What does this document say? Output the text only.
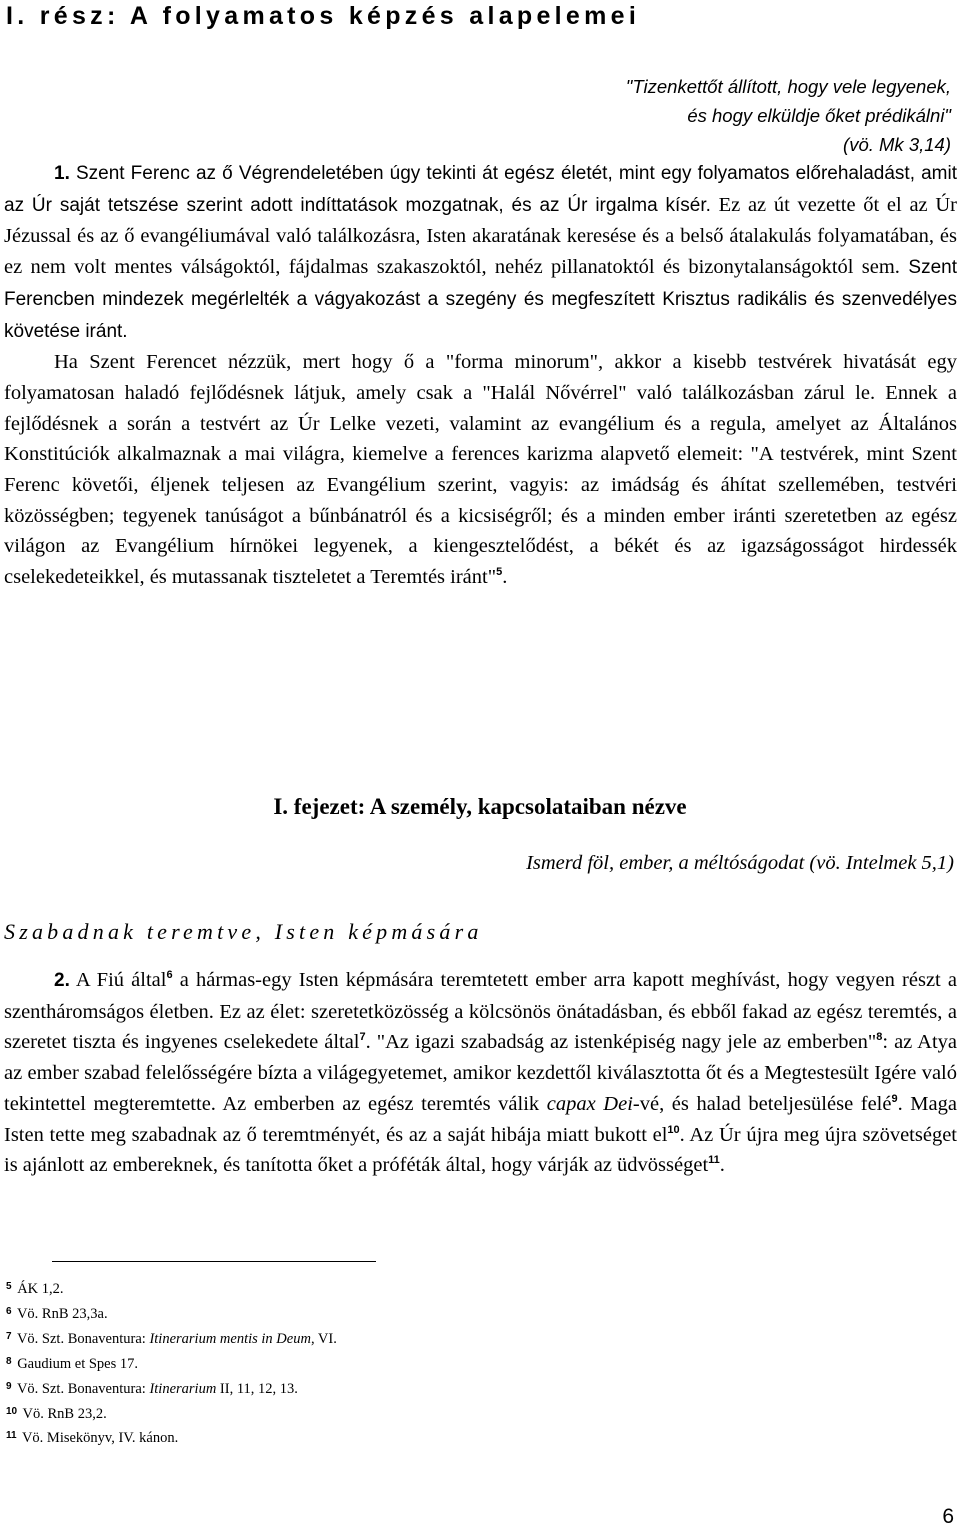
I. rész: A folyamatos képzés alapelemei
"Tizenkettőt állított, hogy vele legyenek,
és hogy elküldje őket prédikálni"
(vö. Mk 3,14)

1. Szent Ferenc az ő Végrendeletében úgy tekinti át egész életét, mint egy folyamatos előrehaladást, amit az Úr saját tetszése szerint adott indíttatások mozgatnak, és az Úr irgalma kísér. Ez az út vezette őt el az Úr Jézussal és az ő evangéliumával való találkozásra, Isten akaratának keresése és a belső átalakulás folyamatában, és ez nem volt mentes válságoktól, fájdalmas szakaszoktól, nehéz pillanatoktól és bizonytalanságoktól sem. Szent Ferencben mindezek megérlelték a vágyakozást a szegény és megfeszített Krisztus radikális és szenvedélyes követése iránt.

Ha Szent Ferencet nézzük, mert hogy ő a "forma minorum", akkor a kisebb testvérek hivatását egy folyamatosan haladó fejlődésnek látjuk, amely csak a "Halál Nővérrel" való találkozásban zárul le. Ennek a fejlődésnek a során a testvért az Úr Lelke vezeti, valamint az evangélium és a regula, amelyet az Általános Konstitúciók alkalmaznak a mai világra, kiemelve a ferences karizma alapvető elemeit: "A testvérek, mint Szent Ferenc követői, éljenek teljesen az Evangélium szerint, vagyis: az imádság és áhítat szellemében, testvéri közösségben; tegyenek tanúságot a bűnbánatról és a kicsiségről; és a minden ember iránti szeretetben az egész világon az Evangélium hírnökei legyenek, a kiengesztelődést, a békét és az igazságosságot hirdessék cselekedeteikkel, és mutassanak tiszteletet a Teremtés iránt"$^5$.

I. fejezet: A személy, kapcsolataiban nézve
Ismerd föl, ember, a méltóságodat (vö. Intelmek 5,1)
Szabadnak teremtve, Isten képmására

2. A Fiú által$^6$ a hármas-egy Isten képmására teremtetett ember arra kapott meghívást, hogy vegyen részt a szentháromságos életben. Ez az élet: szeretetközösség a kölcsönös önátadásban, és ebből fakad az egész teremtés, a szeretet tiszta és ingyenes cselekedete által$^7$. "Az igazi szabadság az istenképiség nagy jele az emberben"$^8$: az Atya az ember szabad felelősségére bízta a világegyetemet, amikor kezdettől kiválasztotta őt és a Megtestesült Igére való tekintettel megteremtette. Az emberben az egész teremtés válik capax Dei-vé, és halad beteljesülése felé$^9$. Maga Isten tette meg szabadnak az ő teremtményét, és az a saját hibája miatt bukott $el^{10}$. Az Úr újra meg újra szövetséget is ajánlott az embereknek, és tanította őket a próféták által, hogy várják az üdvösséget$^{11}$.

$^5$ ÁK 1,2.
$^6$ Vö. RnB 23,3a.
$^7$ Vö. Szt. Bonaventura: Itinerarium mentis in Deum, VI.
$^8$ Gaudium et Spes 17.
$^9$ Vö. Szt. Bonaventura: Itinerarium II, 11, 12, 13.
$^{10}$ Vö. RnB 23,2.
$^{11}$ Vö. Misekönyv, IV. kánon.
6
